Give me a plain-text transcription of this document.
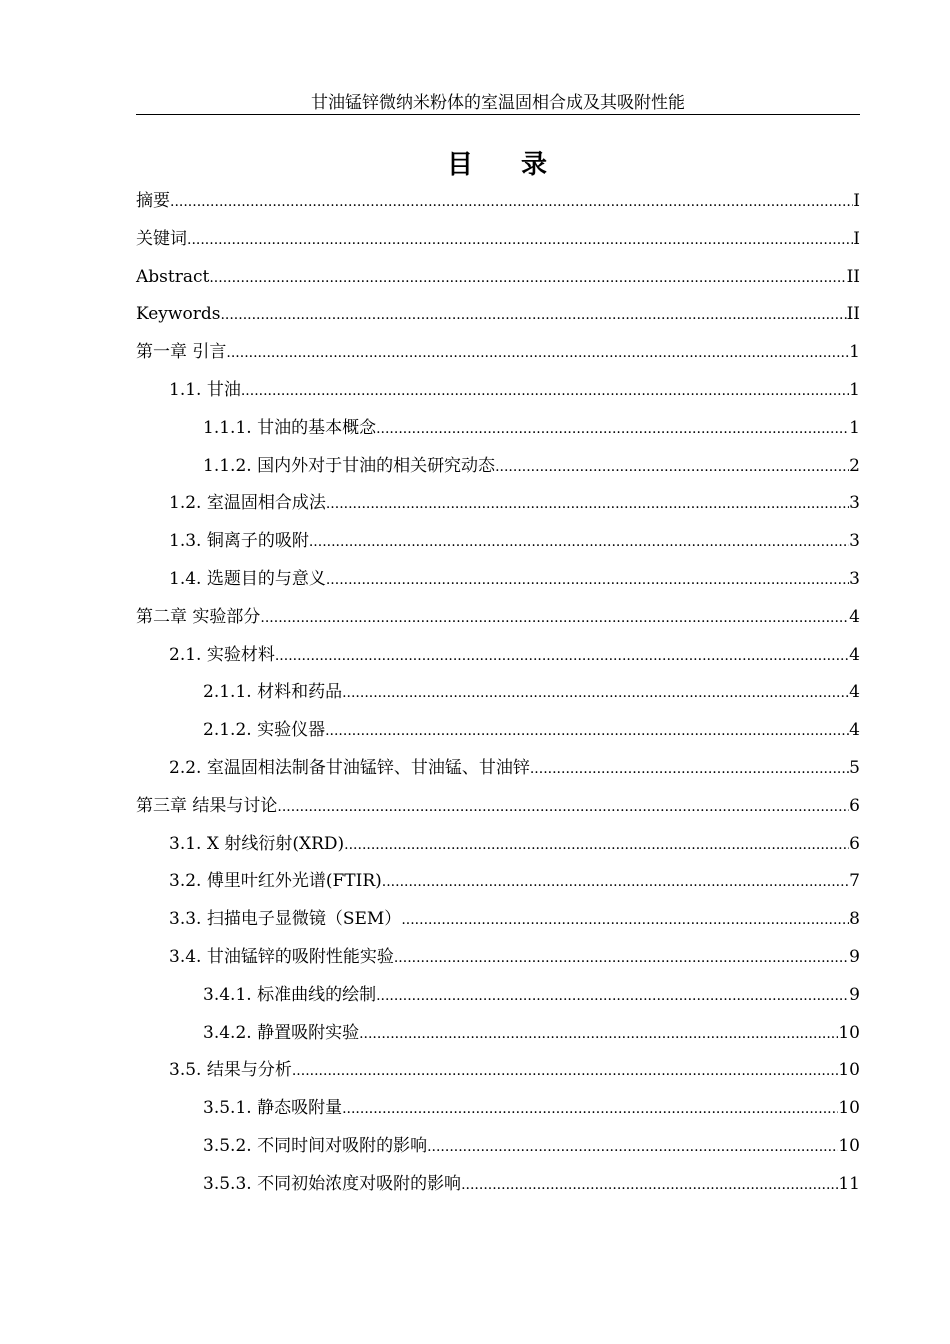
甘油锰锌微纳米粉体的室温固相合成及其吸附性能
目 录
摘要 .....	I
关键词 .....	I
Abstract .....	II
Keywords .....	II
第一章 引言 .....	1
1.1. 甘油 .....	1
1.1.1. 甘油的基本概念 .....	1
1.1.2. 国内外对于甘油的相关研究动态 .....	2
1.2. 室温固相合成法 .....	3
1.3. 铜离子的吸附 .....	3
1.4. 选题目的与意义 .....	3
第二章 实验部分 .....	4
2.1. 实验材料 .....	4
2.1.1. 材料和药品 .....	4
2.1.2. 实验仪器 .....	4
2.2. 室温固相法制备甘油锰锌、甘油锰、甘油锌 .....	5
第三章 结果与讨论 .....	6
3.1. X 射线衍射(XRD) .....	6
3.2. 傅里叶红外光谱(FTIR) .....	7
3.3. 扫描电子显微镜（SEM） .....	8
3.4. 甘油锰锌的吸附性能实验 .....	9
3.4.1. 标准曲线的绘制 .....	9
3.4.2. 静置吸附实验 .....	10
3.5. 结果与分析 .....	10
3.5.1. 静态吸附量 .....	10
3.5.2. 不同时间对吸附的影响 .....	10
3.5.3. 不同初始浓度对吸附的影响 .....	11
